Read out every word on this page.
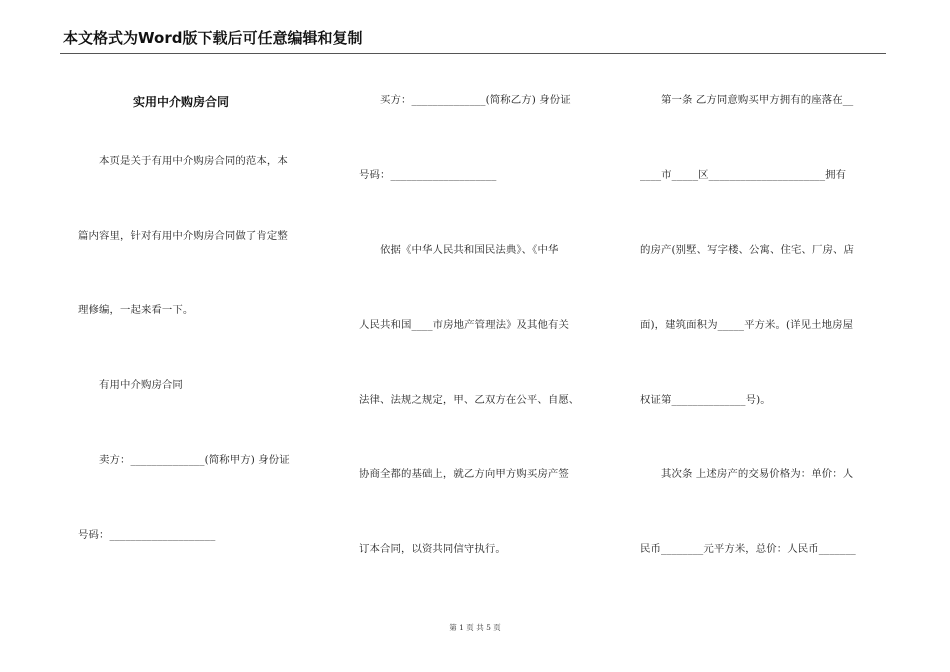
本文格式为Word版下载后可任意编辑和复制
实用中介购房合同
本页是关于有用中介购房合同的范本，本
篇内容里，针对有用中介购房合同做了肯定整
理修编，一起来看一下。
有用中介购房合同
卖方：______________(简称甲方) 身份证
号码：____________________
买方：______________(简称乙方) 身份证
号码：____________________
依据《中华人民共和国民法典》、《中华
人民共和国____市房地产管理法》及其他有关
法律、法规之规定，甲、乙双方在公平、自愿、
协商全都的基础上，就乙方向甲方购买房产签
订本合同，以资共同信守执行。
第一条 乙方同意购买甲方拥有的座落在__
____市_____区______________________拥有
的房产(别墅、写字楼、公寓、住宅、厂房、店
面)，建筑面积为_____平方米。(详见土地房屋
权证第______________号)。
其次条 上述房产的交易价格为：单价：人
民币________元平方米，总价：人民币_______
第 1 页 共 5 页
